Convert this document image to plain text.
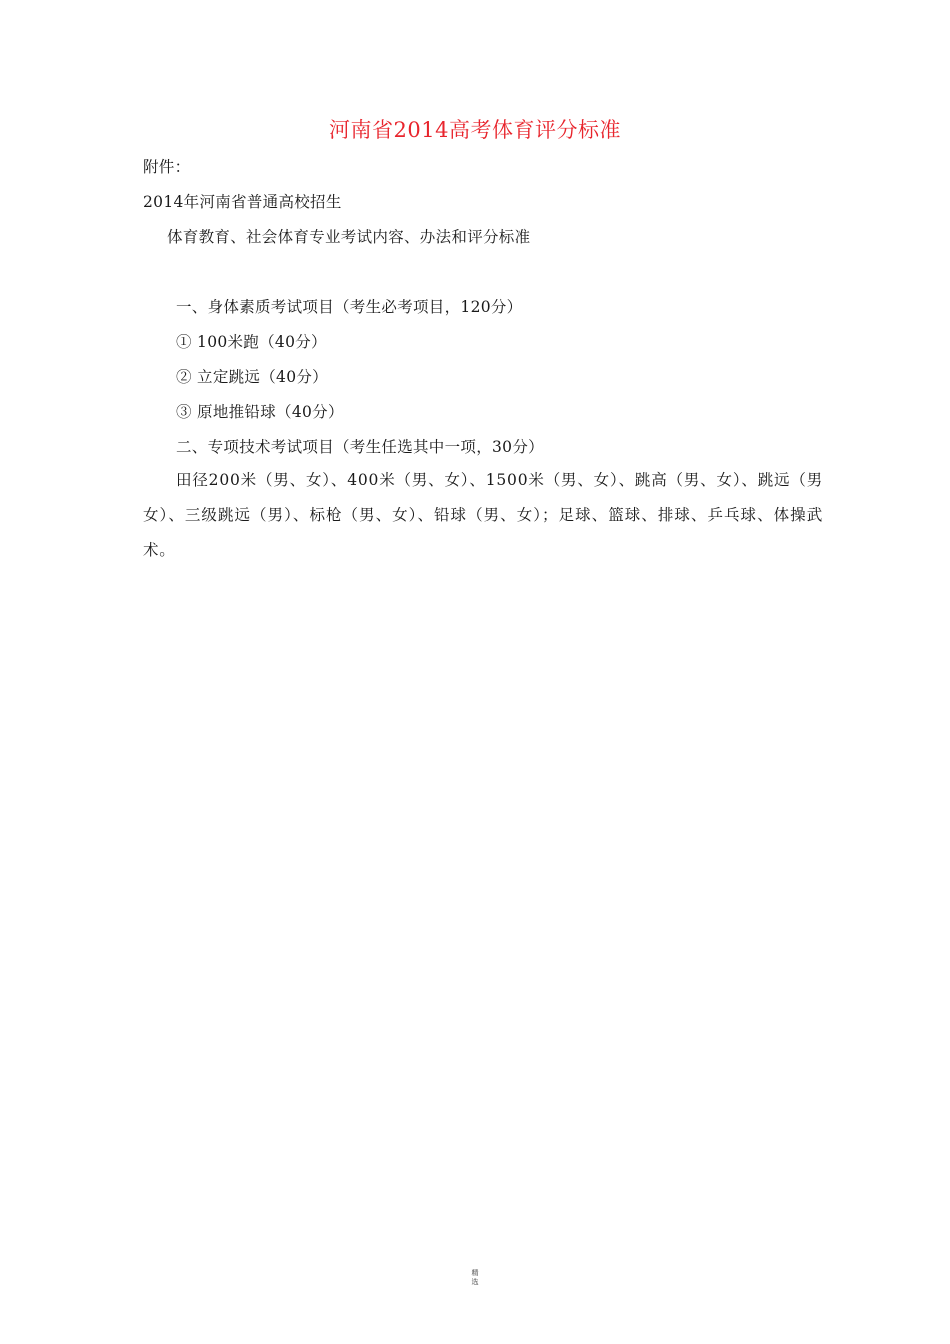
河南省2014高考体育评分标准
附件：
2014年河南省普通高校招生
体育教育、社会体育专业考试内容、办法和评分标准
一、身体素质考试项目（考生必考项目，120分）
① 100米跑（40分）
② 立定跳远（40分）
③ 原地推铅球（40分）
二、专项技术考试项目（考生任选其中一项，30分）
田径200米（男、女）、400米（男、女）、1500米（男、女）、跳高（男、女）、跳远（男女）、三级跳远（男）、标枪（男、女）、铅球（男、女）；足球、篮球、排球、乒乓球、体操武术。
精
选
